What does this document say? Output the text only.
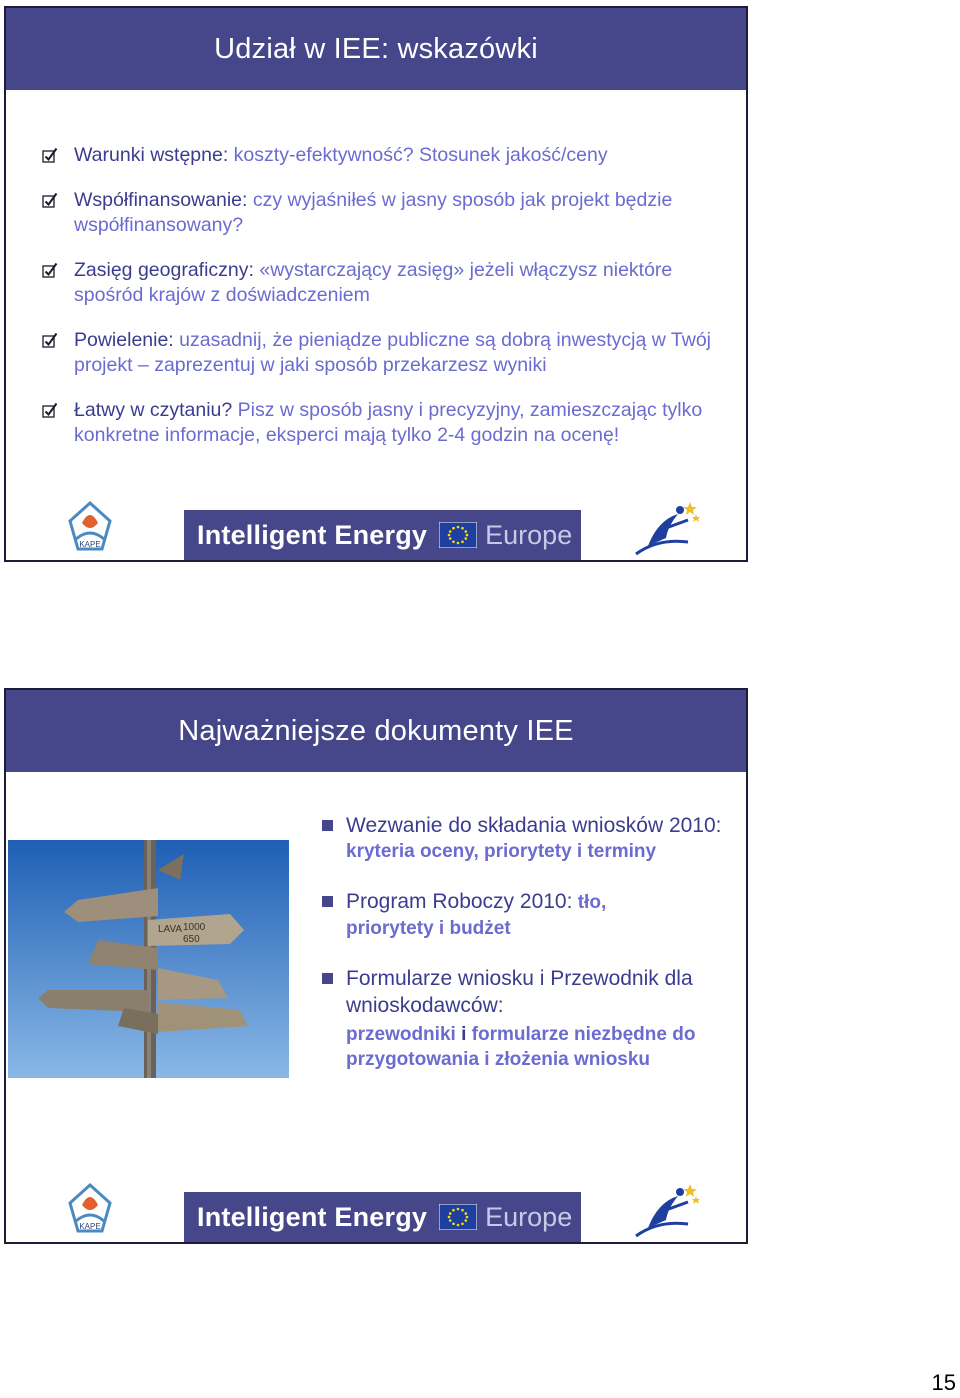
Udział w IEE: wskazówki
Warunki wstępne: koszty-efektywność? Stosunek jakość/ceny
Współfinansowanie: czy wyjaśniłeś w jasny sposób jak projekt będzie współfinansowany?
Zasięg geograficzny: «wystarczający zasięg» jeżeli włączysz niektóre spośród krajów z doświadczeniem
Powielenie: uzasadnij, że pieniądze publiczne są dobrą inwestycją w Twój projekt – zaprezentuj w jaki sposób przekarzesz wyniki
Łatwy w czytaniu? Pisz w sposób jasny i precyzyjny, zamieszczając tylko konkretne informacje, eksperci mają tylko 2-4 godzin na ocenę!
KAPE	Intelligent Energy Europe
Najważniejsze dokumenty IEE
LAVA 1000
650
Wezwanie do składania wniosków 2010:
kryteria oceny, priorytety i terminy
Program Roboczy 2010: tło,
priorytety i budżet
Formularze wniosku i Przewodnik dla wnioskodawców:
przewodniki i formularze niezbędne do przygotowania i złożenia wniosku
KAPE	Intelligent Energy Europe
15
